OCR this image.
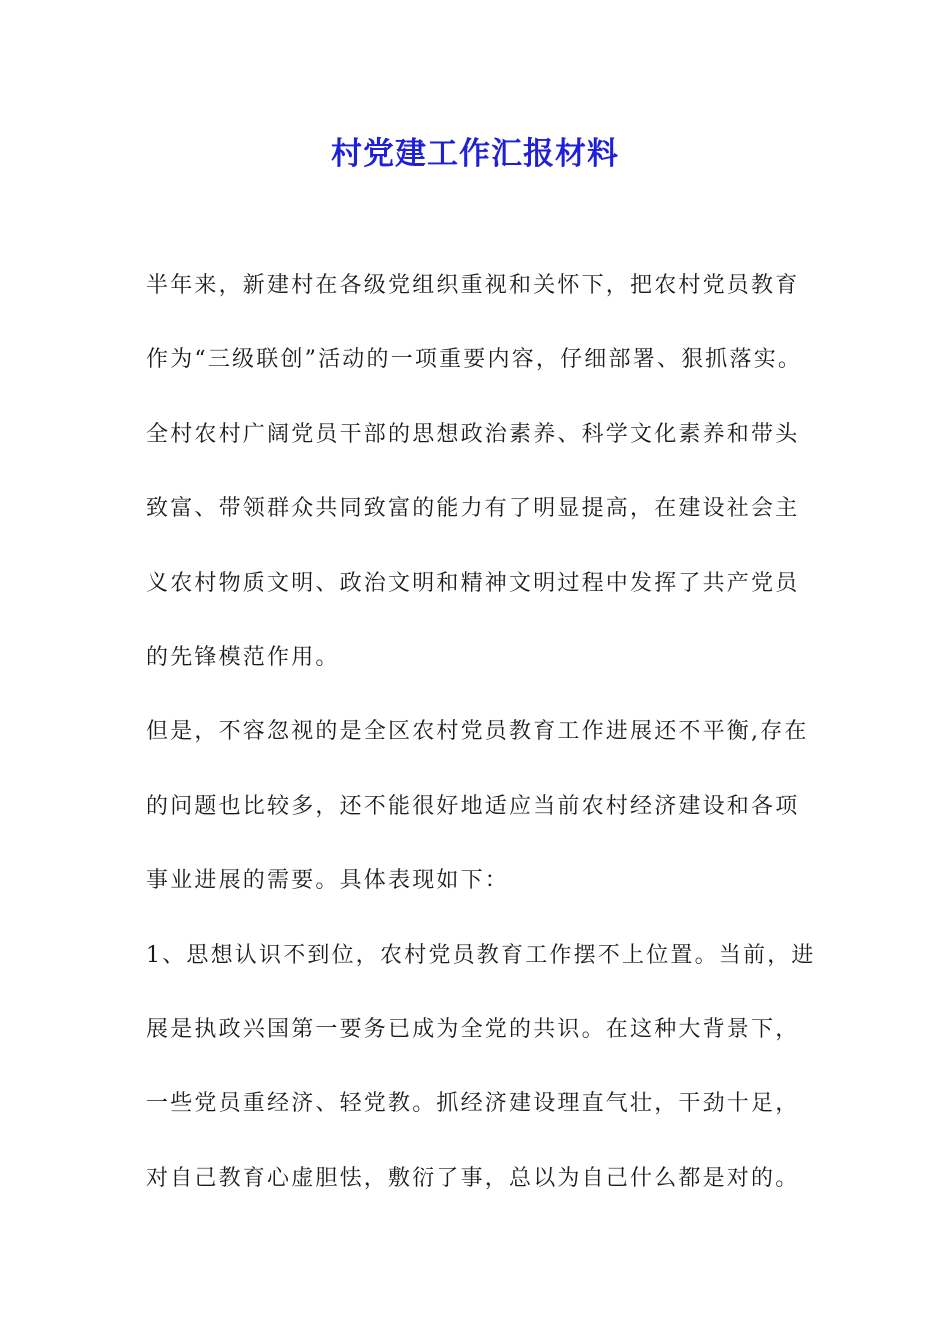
村党建工作汇报材料

半年来，新建村在各级党组织重视和关怀下，把农村党员教育

作为“三级联创”活动的一项重要内容，仔细部署、狠抓落实。

全村农村广阔党员干部的思想政治素养、科学文化素养和带头

致富、带领群众共同致富的能力有了明显提高，在建设社会主

义农村物质文明、政治文明和精神文明过程中发挥了共产党员

的先锋模范作用。

但是，不容忽视的是全区农村党员教育工作进展还不平衡,存在

的问题也比较多，还不能很好地适应当前农村经济建设和各项

事业进展的需要。具体表现如下：

1、思想认识不到位，农村党员教育工作摆不上位置。当前，进

展是执政兴国第一要务已成为全党的共识。在这种大背景下，

一些党员重经济、轻党教。抓经济建设理直气壮，干劲十足，

对自己教育心虚胆怯，敷衍了事，总以为自己什么都是对的。
